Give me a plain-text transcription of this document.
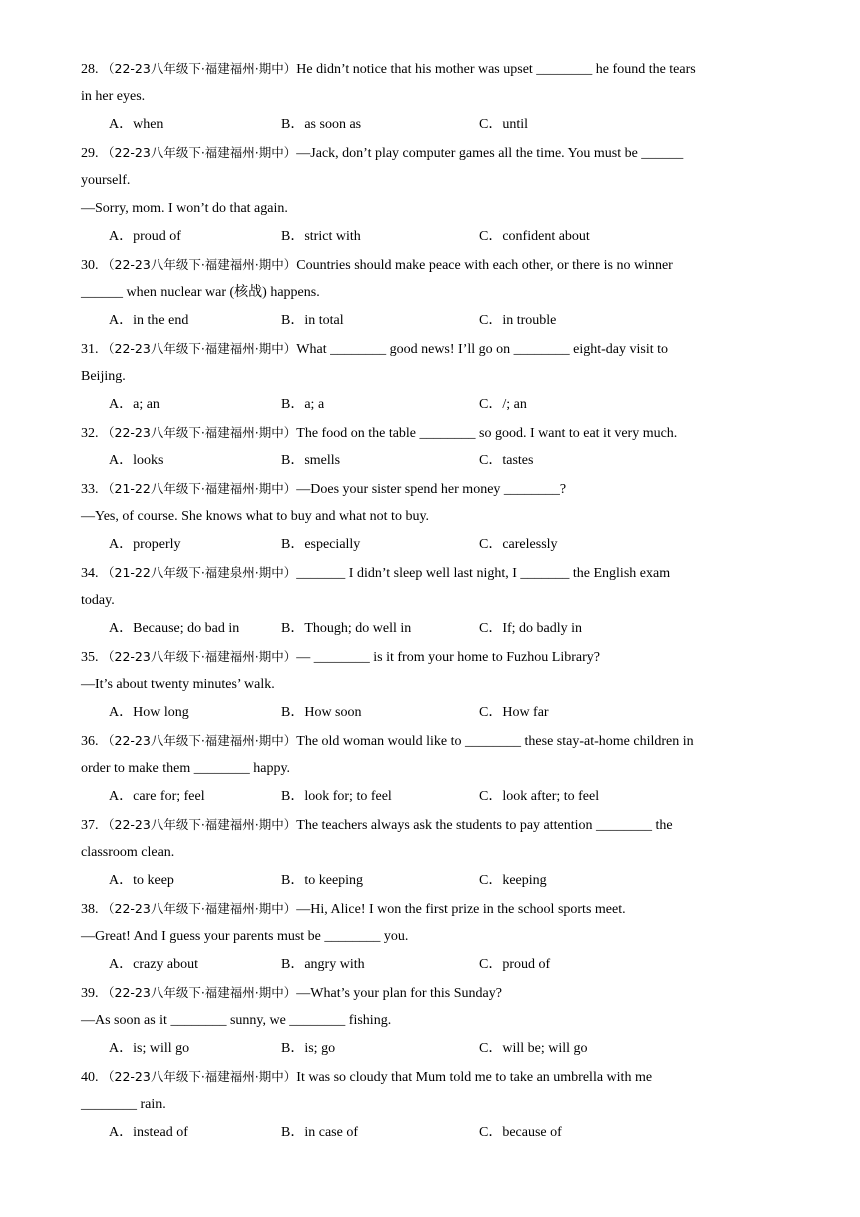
28. （22-23八年级下·福建福州·期中）He didn’t notice that his mother was upset ________ he found the tears
in her eyes.
A．when	B．as soon as	C．until
29. （22-23八年级下·福建福州·期中）—Jack, don’t play computer games all the time. You must be ______
yourself.
—Sorry, mom. I won’t do that again.
A．proud of	B．strict with	C．confident about
30. （22-23八年级下·福建福州·期中）Countries should make peace with each other, or there is no winner
______ when nuclear war (核战) happens.
A．in the end	B．in total	C．in trouble
31. （22-23八年级下·福建福州·期中）What ________ good news! I’ll go on ________ eight-day visit to
Beijing.
A．a; an	B．a; a	C．/; an
32. （22-23八年级下·福建福州·期中）The food on the table ________ so good. I want to eat it very much.
A．looks	B．smells	C．tastes
33. （21-22八年级下·福建福州·期中）—Does your sister spend her money ________?
—Yes, of course. She knows what to buy and what not to buy.
A．properly	B．especially	C．carelessly
34. （21-22八年级下·福建泉州·期中）_______ I didn’t sleep well last night, I _______ the English exam
today.
A．Because; do bad in	B．Though; do well in	C．If; do badly in
35. （22-23八年级下·福建福州·期中）— ________ is it from your home to Fuzhou Library?
—It’s about twenty minutes’ walk.
A．How long	B．How soon	C．How far
36. （22-23八年级下·福建福州·期中）The old woman would like to ________ these stay-at-home children in
order to make them ________ happy.
A．care for; feel	B．look for; to feel	C．look after; to feel
37. （22-23八年级下·福建福州·期中）The teachers always ask the students to pay attention ________ the
classroom clean.
A．to keep	B．to keeping	C．keeping
38. （22-23八年级下·福建福州·期中）—Hi, Alice! I won the first prize in the school sports meet.
—Great! And I guess your parents must be ________ you.
A．crazy about	B．angry with	C．proud of
39. （22-23八年级下·福建福州·期中）—What’s your plan for this Sunday?
—As soon as it ________ sunny, we ________ fishing.
A．is; will go	B．is; go	C．will be; will go
40. （22-23八年级下·福建福州·期中）It was so cloudy that Mum told me to take an umbrella with me
________ rain.
A．instead of	B．in case of	C．because of
